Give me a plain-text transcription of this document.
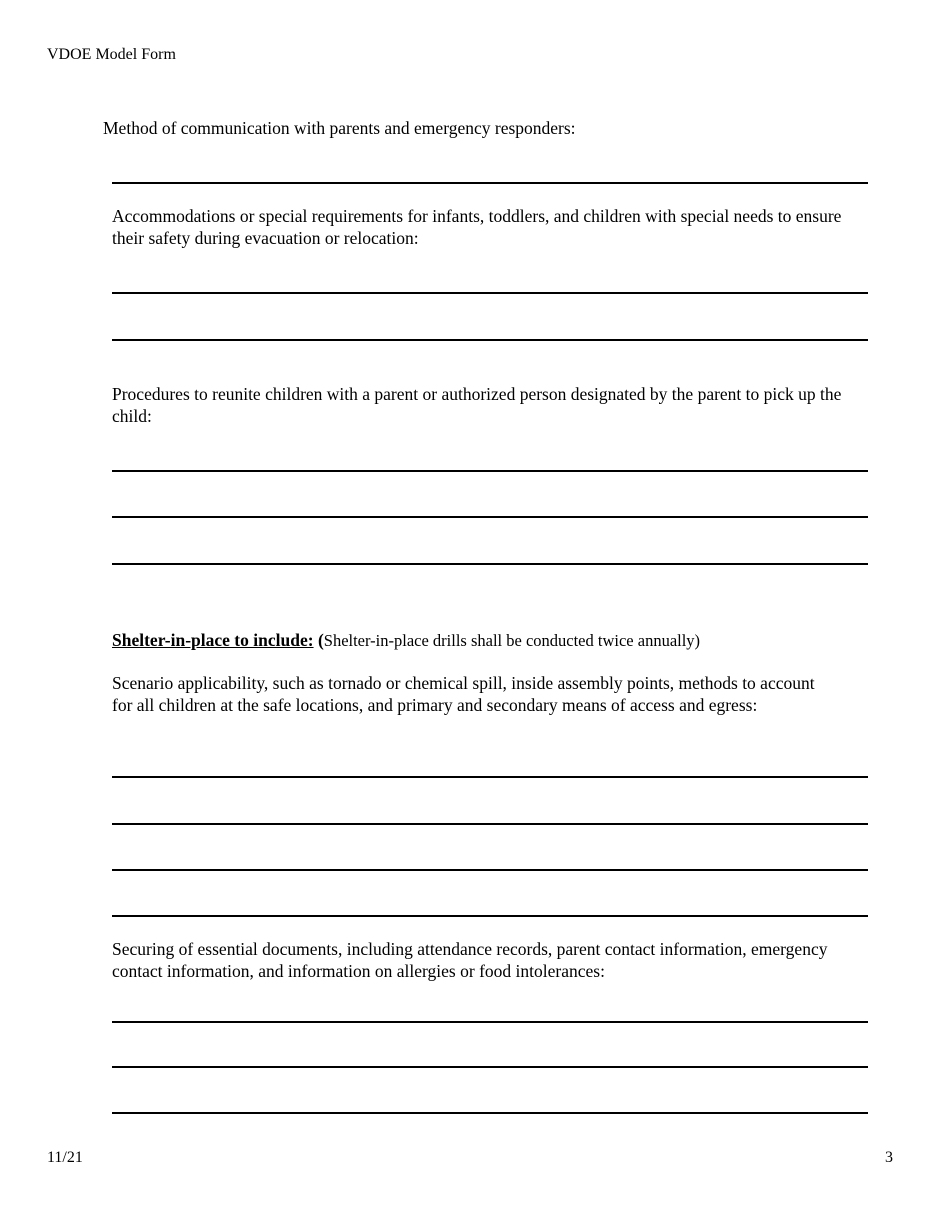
VDOE Model Form
Method of communication with parents and emergency responders:
Accommodations or special requirements for infants, toddlers, and children with special needs to ensure their safety during evacuation or relocation:
Procedures to reunite children with a parent or authorized person designated by the parent to pick up the child:
Shelter-in-place to include: (Shelter-in-place drills shall be conducted twice annually)
Scenario applicability, such as tornado or chemical spill, inside assembly points, methods to account for all children at the safe locations, and primary and secondary means of access and egress:
Securing of essential documents, including attendance records, parent contact information, emergency contact information, and information on allergies or food intolerances:
11/21	3
